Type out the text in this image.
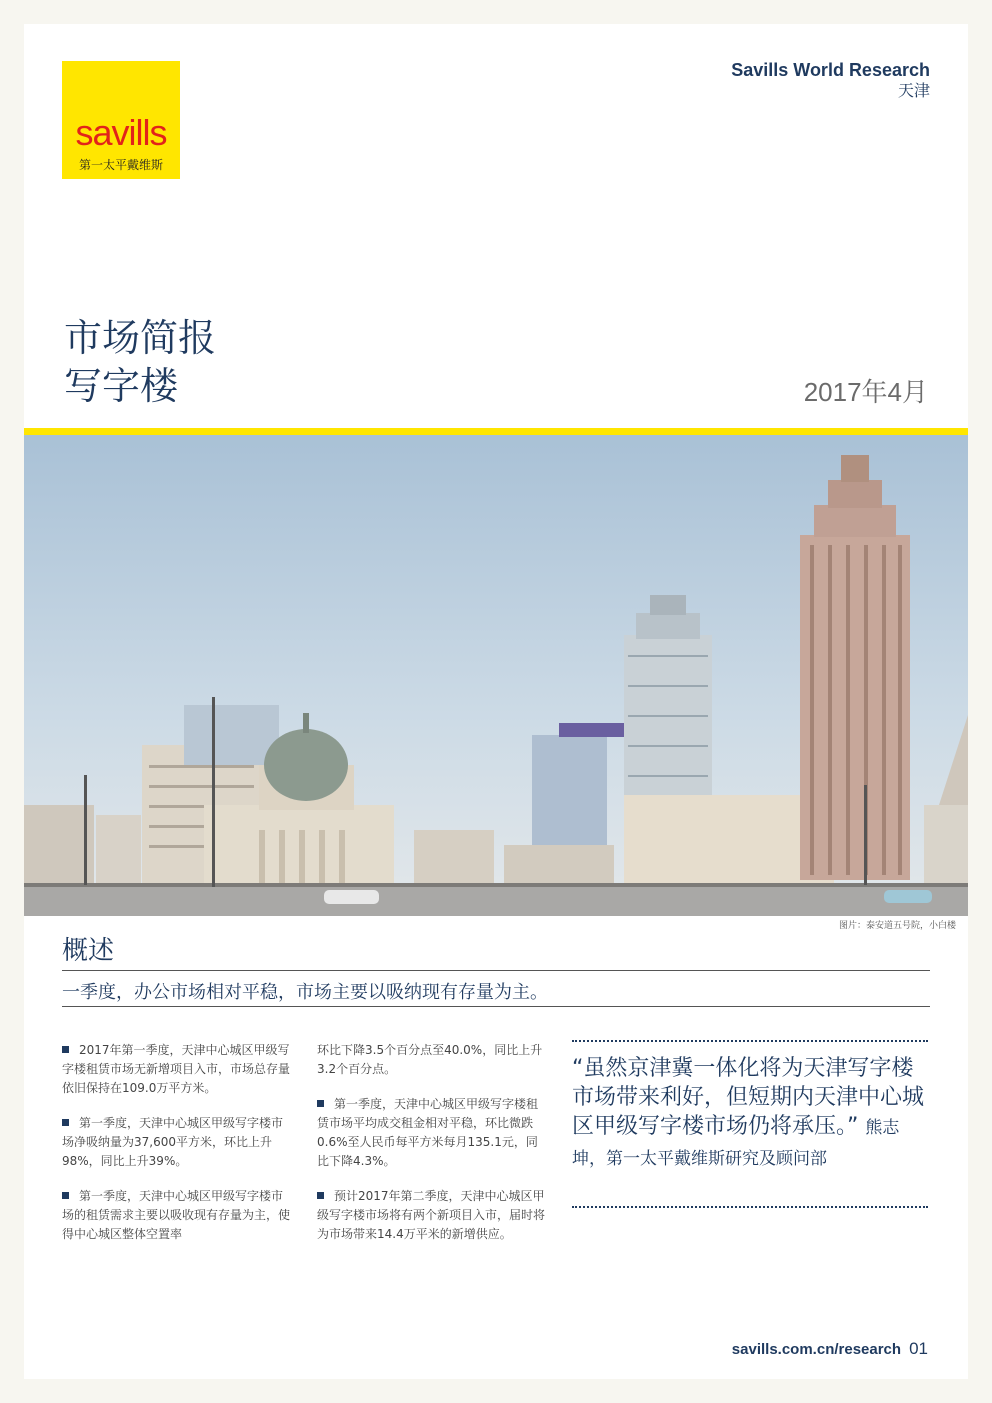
savills
第一太平戴维斯
Savills World Research
天津
市场简报
写字楼	2017年4月
图片：泰安道五号院，小白楼
概述
一季度，办公市场相对平稳，市场主要以吸纳现有存量为主。

2017年第一季度，天津中心城区甲级写字楼租赁市场无新增项目入市，市场总存量依旧保持在109.0万平方米。

第一季度，天津中心城区甲级写字楼市场净吸纳量为37,600平方米，环比上升98%，同比上升39%。

第一季度，天津中心城区甲级写字楼市场的租赁需求主要以吸收现有存量为主，使得中心城区整体空置率

环比下降3.5个百分点至40.0%，同比上升3.2个百分点。

第一季度，天津中心城区甲级写字楼租赁市场平均成交租金相对平稳，环比微跌0.6%至人民币每平方米每月135.1元，同比下降4.3%。

预计2017年第二季度，天津中心城区甲级写字楼市场将有两个新项目入市，届时将为市场带来14.4万平米的新增供应。

“虽然京津冀一体化将为天津写字楼市场带来利好，但短期内天津中心城区甲级写字楼市场仍将承压。” 熊志坤，第一太平戴维斯研究及顾问部
savills.com.cn/research 01
